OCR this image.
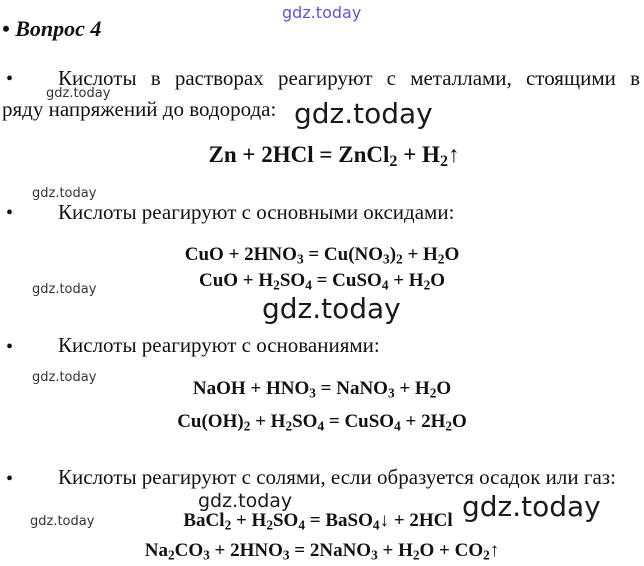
gdz.today
• Вопрос 4
• Кислоты в растворах реагируют с металлами, стоящими в
ряду напряжений до водорода:
gdz.today
gdz.today
Zn + 2HCl = ZnCl$_2$ + $H_2↑$
gdz.today
• Кислоты реагируют с основными оксидами:
CuO + $2HNO_3 = Cu(NO_3)_2 + H_2O$
CuO + $H_2SO_4$ = CuSO$_4$ + $H_2O$
gdz.today
gdz.today
• Кислоты реагируют с основаниями:
gdz.today
NaOH + $HNO_3$ = NaNO$_3$ + $H_2O$
$Cu(OH)_2 + H_2SO_4$ = CuSO$_4$ + $2H_2O$
• Кислоты реагируют с солями, если образуется осадок или газ:
gdz.today
gdz.today	gdz.today
BaCl$_2$ + $H_2SO_4$ = BaSO$_4$↓ + 2HCl
$Na_2CO_3 + 2HNO_3$ = 2NaNO$_3$ + $H_2O$ + $CO_2↑$
